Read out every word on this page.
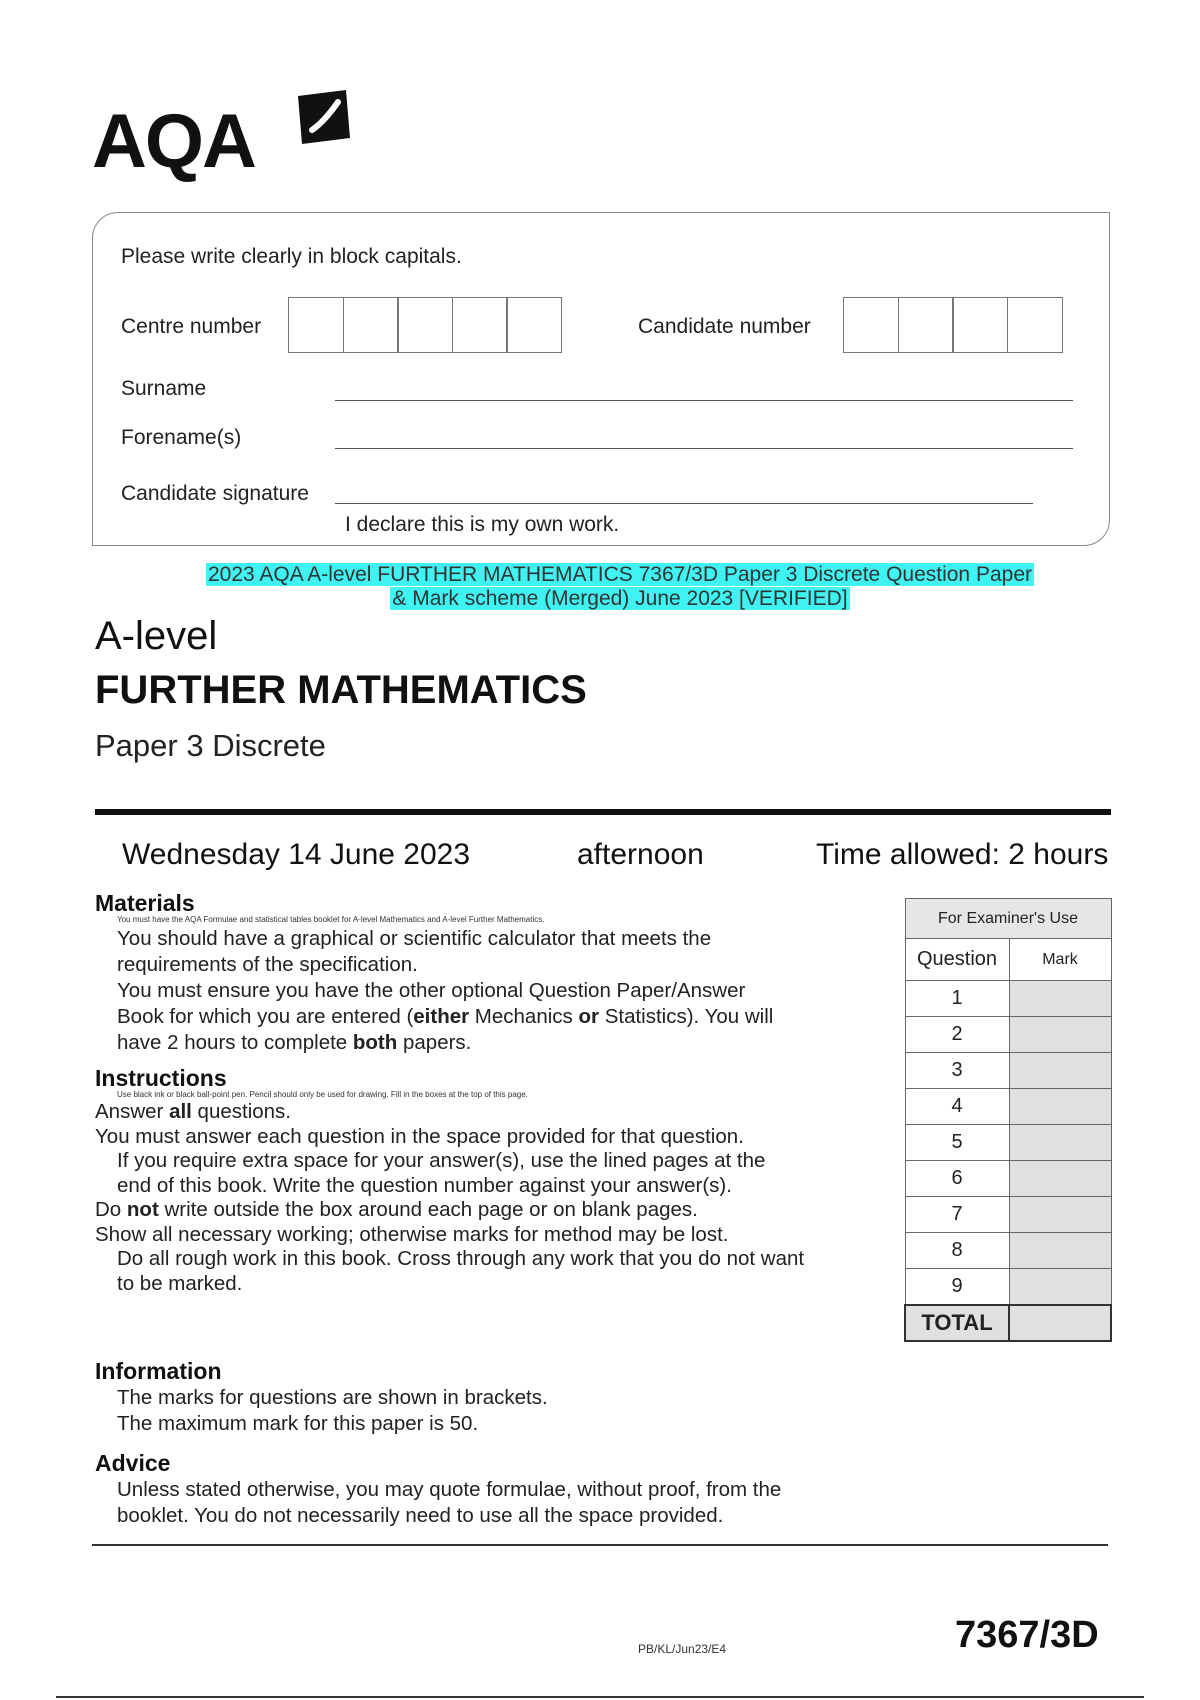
AQA
Please write clearly in block capitals.
Centre number	Candidate number
Surname
Forename(s)
Candidate signature
I declare this is my own work.
2023 AQA A-level FURTHER MATHEMATICS 7367/3D Paper 3 Discrete Question Paper
& Mark scheme (Merged) June 2023 [VERIFIED]
A-level
FURTHER MATHEMATICS
Paper 3 Discrete
Wednesday 14 June 2023	afternoon	Time allowed: 2 hours
Materials
You must have the AQA Formulae and statistical tables booklet for A-level Mathematics and A-level Further Mathematics.
You should have a graphical or scientific calculator that meets the
requirements of the specification.
You must ensure you have the other optional Question Paper/Answer
Book for which you are entered (either Mechanics or Statistics). You will
have 2 hours to complete both papers.
Instructions
Use black ink or black ball-point pen. Pencil should only be used for drawing. Fill in the boxes at the top of this page.
Answer all questions.
You must answer each question in the space provided for that question.
If you require extra space for your answer(s), use the lined pages at the
end of this book. Write the question number against your answer(s).
Do not write outside the box around each page or on blank pages.
Show all necessary working; otherwise marks for method may be lost.
Do all rough work in this book. Cross through any work that you do not want
to be marked.
Information
The marks for questions are shown in brackets.
The maximum mark for this paper is 50.
Advice
Unless stated otherwise, you may quote formulae, without proof, from the
booklet. You do not necessarily need to use all the space provided.
For Examiner's Use	
Question	Mark
1	
2	
3	
4	
5	
6	
7	
8	
9	
TOTAL	
PB/KL/Jun23/E4	7367/3D
